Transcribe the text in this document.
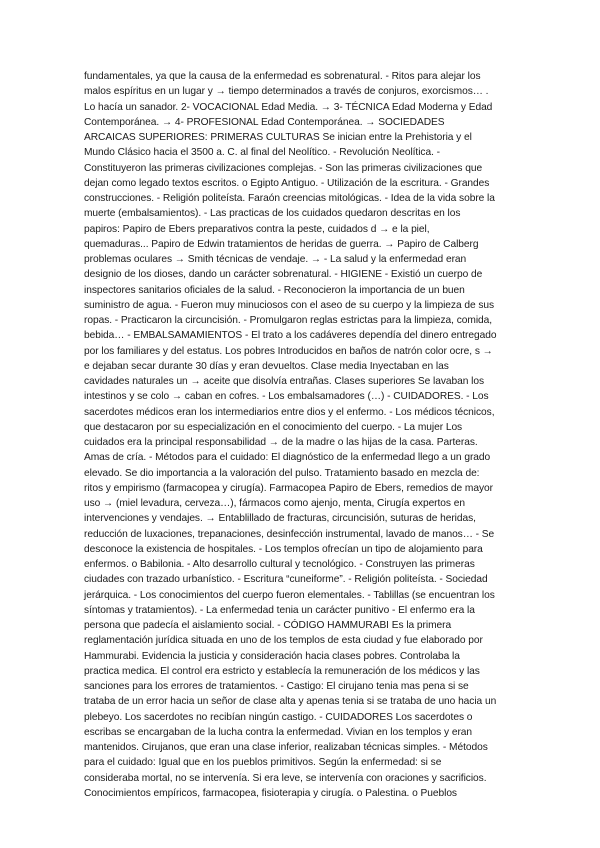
fundamentales, ya que la causa de la enfermedad es sobrenatural. - Ritos para alejar los
malos espíritus en un lugar y → tiempo determinados a través de conjuros, exorcismos… .
Lo hacía un sanador. 2- VOCACIONAL Edad Media. → 3- TÉCNICA Edad Moderna y Edad
Contemporánea. → 4- PROFESIONAL Edad Contemporánea. → SOCIEDADES
ARCAICAS SUPERIORES: PRIMERAS CULTURAS Se inician entre la Prehistoria y el
Mundo Clásico hacia el 3500 a. C. al final del Neolítico. - Revolución Neolítica. -
Constituyeron las primeras civilizaciones complejas. - Son las primeras civilizaciones que
dejan como legado textos escritos. o Egipto Antiguo. - Utilización de la escritura. - Grandes
construcciones. - Religión politeísta. Faraón creencias mitológicas. - Idea de la vida sobre la
muerte (embalsamientos). - Las practicas de los cuidados quedaron descritas en los
papiros: Papiro de Ebers preparativos contra la peste, cuidados d → e la piel,
quemaduras... Papiro de Edwin tratamientos de heridas de guerra. → Papiro de Calberg
problemas oculares → Smith técnicas de vendaje. → - La salud y la enfermedad eran
designio de los dioses, dando un carácter sobrenatural. - HIGIENE - Existió un cuerpo de
inspectores sanitarios oficiales de la salud. - Reconocieron la importancia de un buen
suministro de agua. - Fueron muy minuciosos con el aseo de su cuerpo y la limpieza de sus
ropas. - Practicaron la circuncisión. - Promulgaron reglas estrictas para la limpieza, comida,
bebida… - EMBALSAMAMIENTOS - El trato a los cadáveres dependía del dinero entregado
por los familiares y del estatus. Los pobres Introducidos en baños de natrón color ocre, s →
e dejaban secar durante 30 días y eran devueltos. Clase media Inyectaban en las
cavidades naturales un → aceite que disolvía entrañas. Clases superiores Se lavaban los
intestinos y se colo → caban en cofres. - Los embalsamadores (…) - CUIDADORES. - Los
sacerdotes médicos eran los intermediarios entre dios y el enfermo. - Los médicos técnicos,
que destacaron por su especialización en el conocimiento del cuerpo. - La mujer Los
cuidados era la principal responsabilidad → de la madre o las hijas de la casa. Parteras.
Amas de cría. - Métodos para el cuidado: El diagnóstico de la enfermedad llego a un grado
elevado. Se dio importancia a la valoración del pulso. Tratamiento basado en mezcla de:
ritos y empirismo (farmacopea y cirugía). Farmacopea Papiro de Ebers, remedios de mayor
uso → (miel levadura, cerveza…), fármacos como ajenjo, menta, Cirugía expertos en
intervenciones y vendajes. → Entablillado de fracturas, circuncisión, suturas de heridas,
reducción de luxaciones, trepanaciones, desinfección instrumental, lavado de manos… - Se
desconoce la existencia de hospitales. - Los templos ofrecían un tipo de alojamiento para
enfermos. o Babilonia. - Alto desarrollo cultural y tecnológico. - Construyen las primeras
ciudades con trazado urbanístico. - Escritura “cuneiforme”. - Religión politeísta. - Sociedad
jerárquica. - Los conocimientos del cuerpo fueron elementales. - Tablillas (se encuentran los
síntomas y tratamientos). - La enfermedad tenia un carácter punitivo - El enfermo era la
persona que padecía el aislamiento social. - CÓDIGO HAMMURABI Es la primera
reglamentación jurídica situada en uno de los templos de esta ciudad y fue elaborado por
Hammurabi. Evidencia la justicia y consideración hacia clases pobres. Controlaba la
practica medica. El control era estricto y establecía la remuneración de los médicos y las
sanciones para los errores de tratamientos. - Castigo: El cirujano tenia mas pena si se
trataba de un error hacia un señor de clase alta y apenas tenia si se trataba de uno hacia un
plebeyo. Los sacerdotes no recibían ningún castigo. - CUIDADORES Los sacerdotes o
escribas se encargaban de la lucha contra la enfermedad. Vivian en los templos y eran
mantenidos. Cirujanos, que eran una clase inferior, realizaban técnicas simples. - Métodos
para el cuidado: Igual que en los pueblos primitivos. Según la enfermedad: si se
consideraba mortal, no se intervenía. Si era leve, se intervenía con oraciones y sacrificios.
Conocimientos empíricos, farmacopea, fisioterapia y cirugía. o Palestina. o Pueblos
